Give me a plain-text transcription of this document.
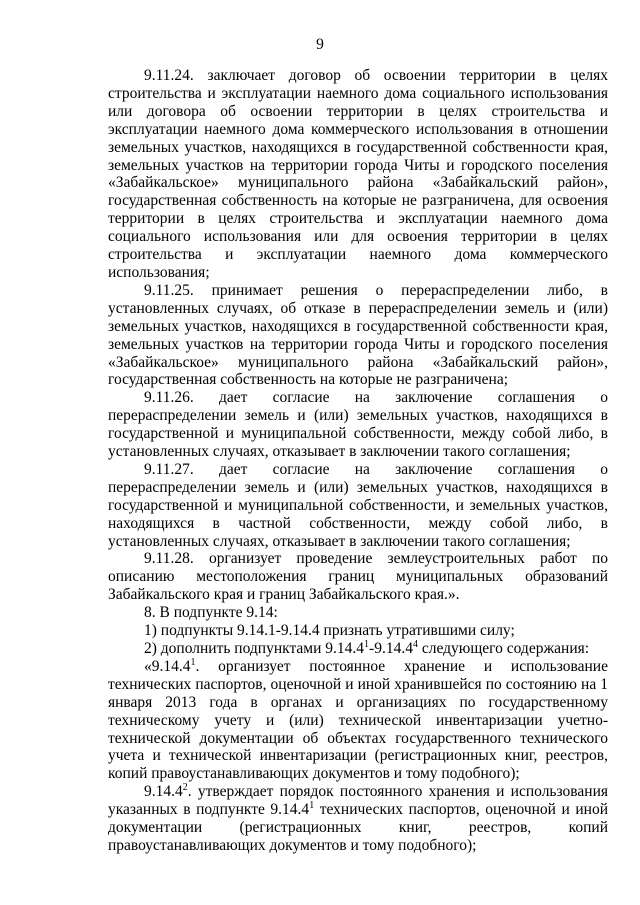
9

9.11.24. заключает договор об освоении территории в целях строительства и эксплуатации наемного дома социального использования или договора об освоении территории в целях строительства и эксплуатации наемного дома коммерческого использования в отношении земельных участков, находящихся в государственной собственности края, земельных участков на территории города Читы и городского поселения «Забайкальское» муниципального района «Забайкальский район», государственная собственность на которые не разграничена, для освоения территории в целях строительства и эксплуатации наемного дома социального использования или для освоения территории в целях строительства и эксплуатации наемного дома коммерческого использования;

9.11.25. принимает решения о перераспределении либо, в установленных случаях, об отказе в перераспределении земель и (или) земельных участков, находящихся в государственной собственности края, земельных участков на территории города Читы и городского поселения «Забайкальское» муниципального района «Забайкальский район», государственная собственность на которые не разграничена;

9.11.26. дает согласие на заключение соглашения о перераспределении земель и (или) земельных участков, находящихся в государственной и муниципальной собственности, между собой либо, в установленных случаях, отказывает в заключении такого соглашения;

9.11.27. дает согласие на заключение соглашения о перераспределении земель и (или) земельных участков, находящихся в государственной и муниципальной собственности, и земельных участков, находящихся в частной собственности, между собой либо, в установленных случаях, отказывает в заключении такого соглашения;

9.11.28. организует проведение землеустроительных работ по описанию местоположения границ муниципальных образований Забайкальского края и границ Забайкальского края.».

8. В подпункте 9.14:

1) подпункты 9.14.1-9.14.4 признать утратившими силу;

2) дополнить подпунктами 9.14.4$^1$-9.14.4$^4$ следующего содержания:

«9.14.4$^1$. организует постоянное хранение и использование технических паспортов, оценочной и иной хранившейся по состоянию на 1 января 2013 года в органах и организациях по государственному техническому учету и (или) технической инвентаризации учетно-технической документации об объектах государственного технического учета и технической инвентаризации (регистрационных книг, реестров, копий правоустанавливающих документов и тому подобного);

9.14.4$^2$. утверждает порядок постоянного хранения и использования указанных в подпункте 9.14.4$^1$ технических паспортов, оценочной и иной документации (регистрационных книг, реестров, копий правоустанавливающих документов и тому подобного);
